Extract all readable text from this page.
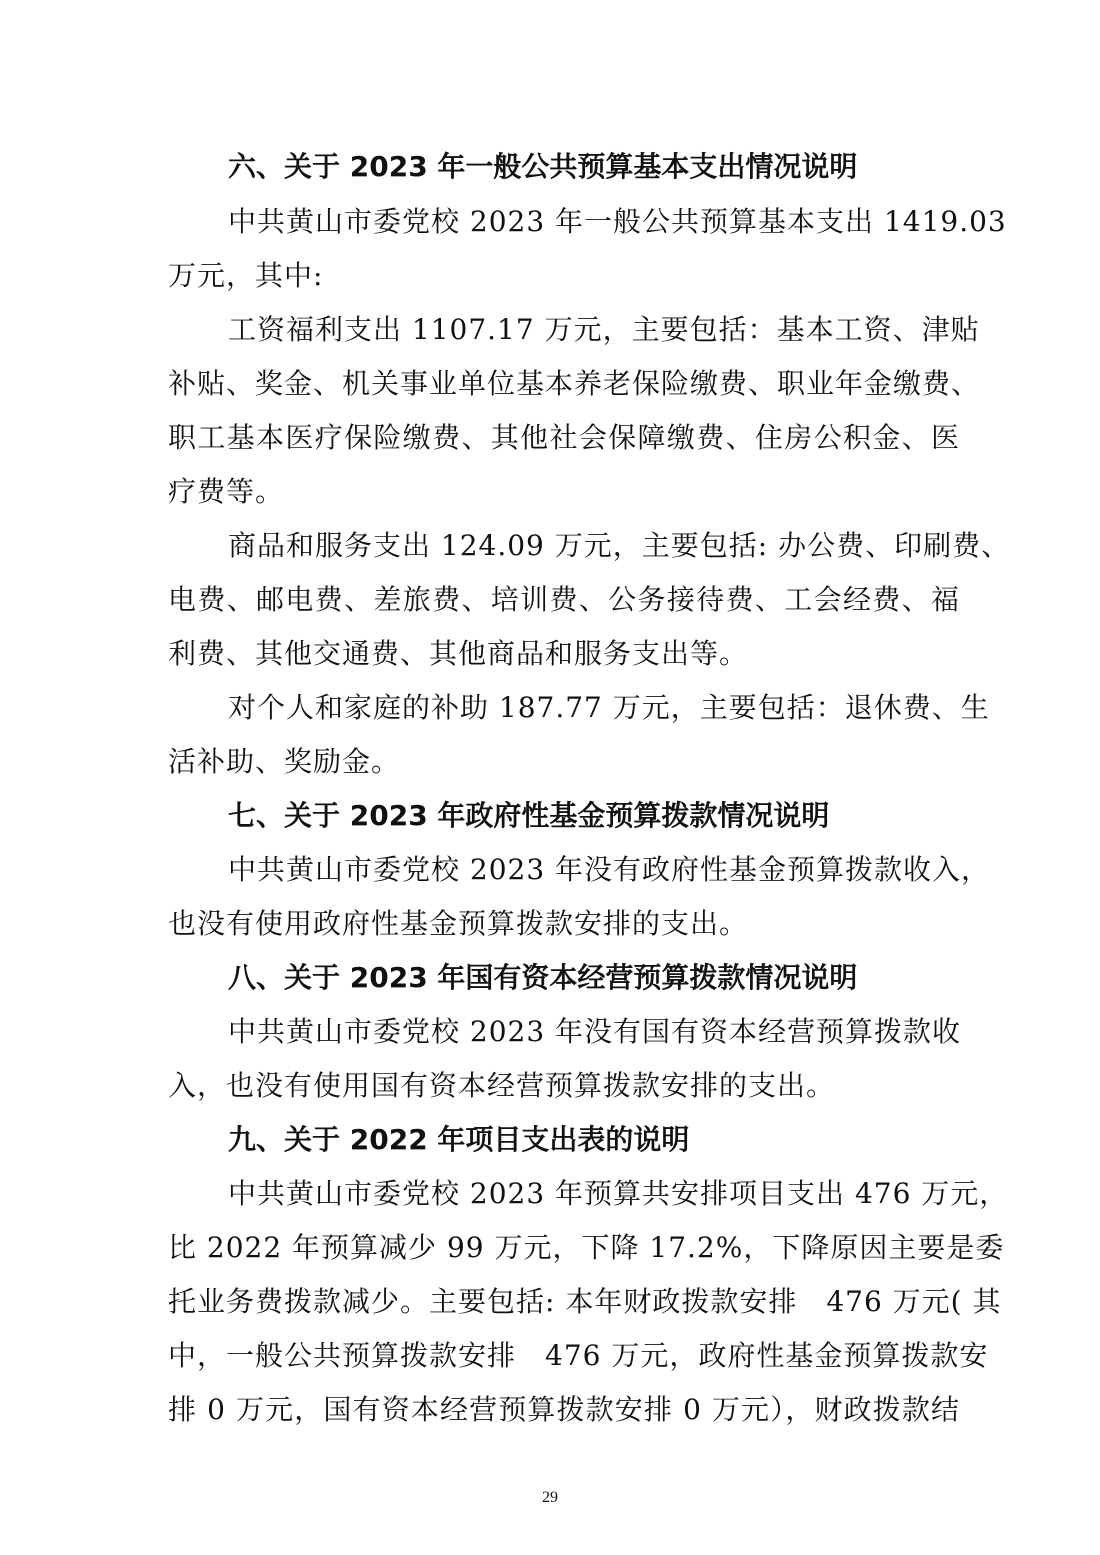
六、关于 2023 年一般公共预算基本支出情况说明
中共黄山市委党校 2023 年一般公共预算基本支出 1419.03
万元，其中:
工资福利支出 1107.17 万元，主要包括：基本工资、津贴
补贴、奖金、机关事业单位基本养老保险缴费、职业年金缴费、
职工基本医疗保险缴费、其他社会保障缴费、住房公积金、医
疗费等。
商品和服务支出 124.09 万元，主要包括: 办公费、印刷费、
电费、邮电费、差旅费、培训费、公务接待费、工会经费、福
利费、其他交通费、其他商品和服务支出等。
对个人和家庭的补助 187.77 万元，主要包括：退休费、生
活补助、奖励金。
七、关于 2023 年政府性基金预算拨款情况说明
中共黄山市委党校 2023 年没有政府性基金预算拨款收入，
也没有使用政府性基金预算拨款安排的支出。
八、关于 2023 年国有资本经营预算拨款情况说明
中共黄山市委党校 2023 年没有国有资本经营预算拨款收
入，也没有使用国有资本经营预算拨款安排的支出。
九、关于 2022 年项目支出表的说明
中共黄山市委党校 2023 年预算共安排项目支出 476 万元，
比 2022 年预算减少 99 万元，下降 17.2%，下降原因主要是委
托业务费拨款减少。主要包括: 本年财政拨款安排　476 万元( 其
中，一般公共预算拨款安排　476 万元，政府性基金预算拨款安
排 0 万元，国有资本经营预算拨款安排 0 万元），财政拨款结
29
